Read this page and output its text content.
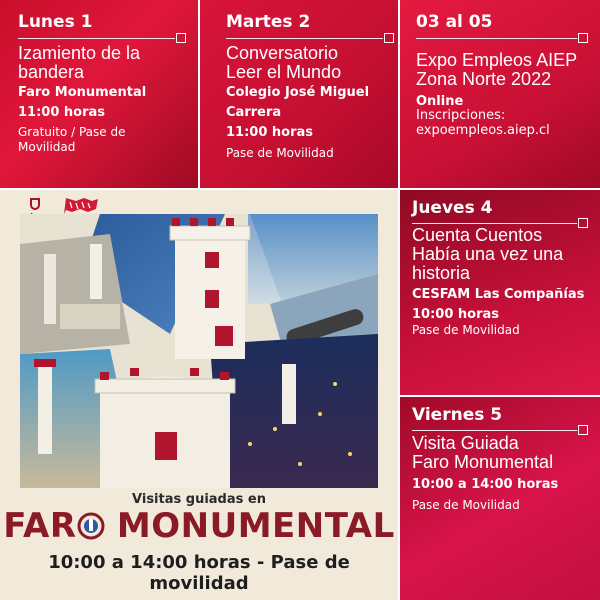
Lunes 1
Izamiento de la
bandera
Faro Monumental
11:00 horas
Gratuito / Pase de
Movilidad
Martes 2
Conversatorio
Leer el Mundo
Colegio José Miguel
Carrera
11:00 horas
Pase de Movilidad
03 al 05
Expo Empleos AIEP
Zona Norte 2022
Online
Inscripciones:
expoempleos.aiep.cl
Visitas guiadas en
FAR MONUMENTAL
10:00 a 14:00 horas - Pase de movilidad
Jueves 4
Cuenta Cuentos
Había una vez una
historia
CESFAM Las Compañías
10:00 horas
Pase de Movilidad
Viernes 5
Visita Guiada
Faro Monumental
10:00 a 14:00 horas
Pase de Movilidad
